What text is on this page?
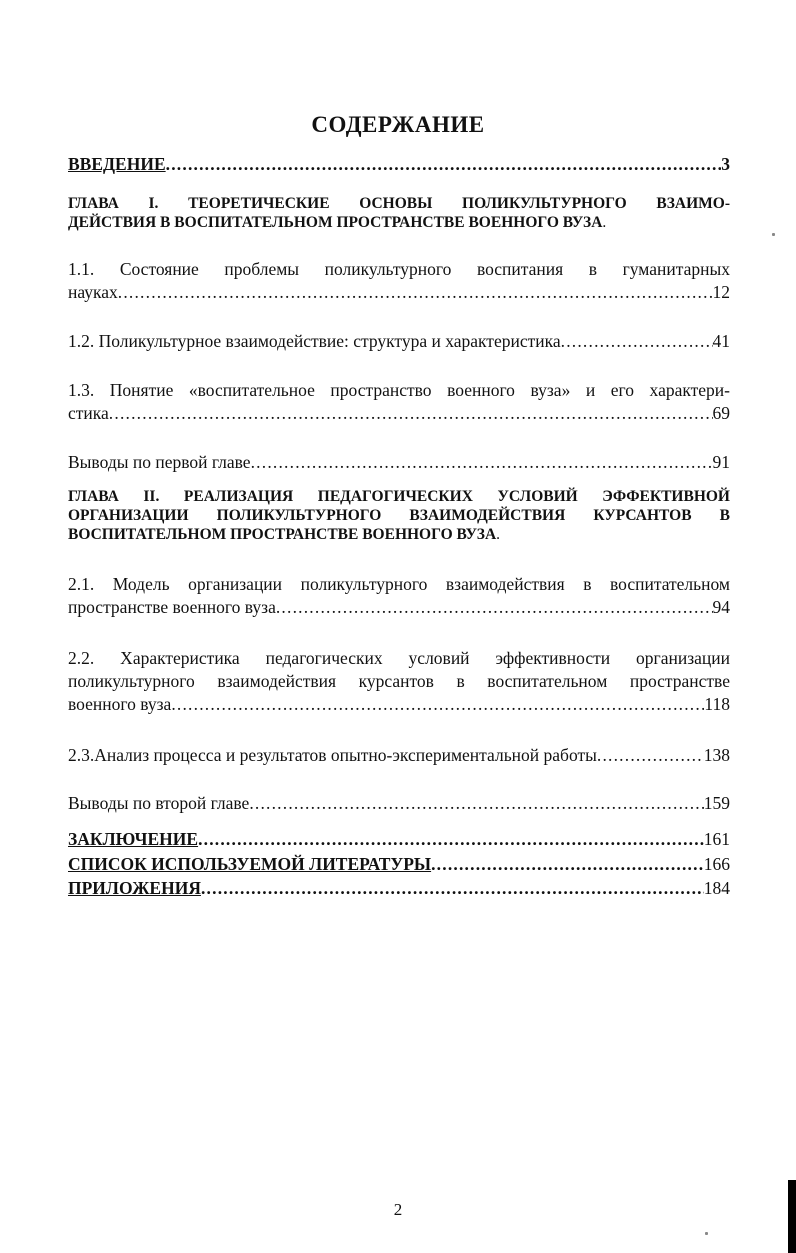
СОДЕРЖАНИЕ
ВВЕДЕНИЕ .....	3
ГЛАВА I. ТЕОРЕТИЧЕСКИЕ ОСНОВЫ ПОЛИКУЛЬТУРНОГО ВЗАИМО-
ДЕЙСТВИЯ В ВОСПИТАТЕЛЬНОМ ПРОСТРАНСТВЕ ВОЕННОГО ВУЗА.
1.1. Состояние проблемы поликультурного воспитания в гуманитарных
науках .....	12
1.2. Поликультурное взаимодействие: структура и характеристика .....	41
1.3. Понятие «воспитательное пространство военного вуза» и его характери-
стика .....	69
Выводы по первой главе .....	91
ГЛАВА II. РЕАЛИЗАЦИЯ ПЕДАГОГИЧЕСКИХ УСЛОВИЙ ЭФФЕКТИВНОЙ
ОРГАНИЗАЦИИ ПОЛИКУЛЬТУРНОГО ВЗАИМОДЕЙСТВИЯ КУРСАНТОВ В
ВОСПИТАТЕЛЬНОМ ПРОСТРАНСТВЕ ВОЕННОГО ВУЗА.
2.1. Модель организации поликультурного взаимодействия в воспитательном
пространстве военного вуза .....	94
2.2. Характеристика педагогических условий эффективности организации
поликультурного взаимодействия курсантов в воспитательном пространстве
военного вуза .....	118
2.3.Анализ процесса и результатов опытно-экспериментальной работы .....	138
Выводы по второй главе .....	159
ЗАКЛЮЧЕНИЕ .....	161
СПИСОК ИСПОЛЬЗУЕМОЙ ЛИТЕРАТУРЫ .....	166
ПРИЛОЖЕНИЯ .....	184
2
